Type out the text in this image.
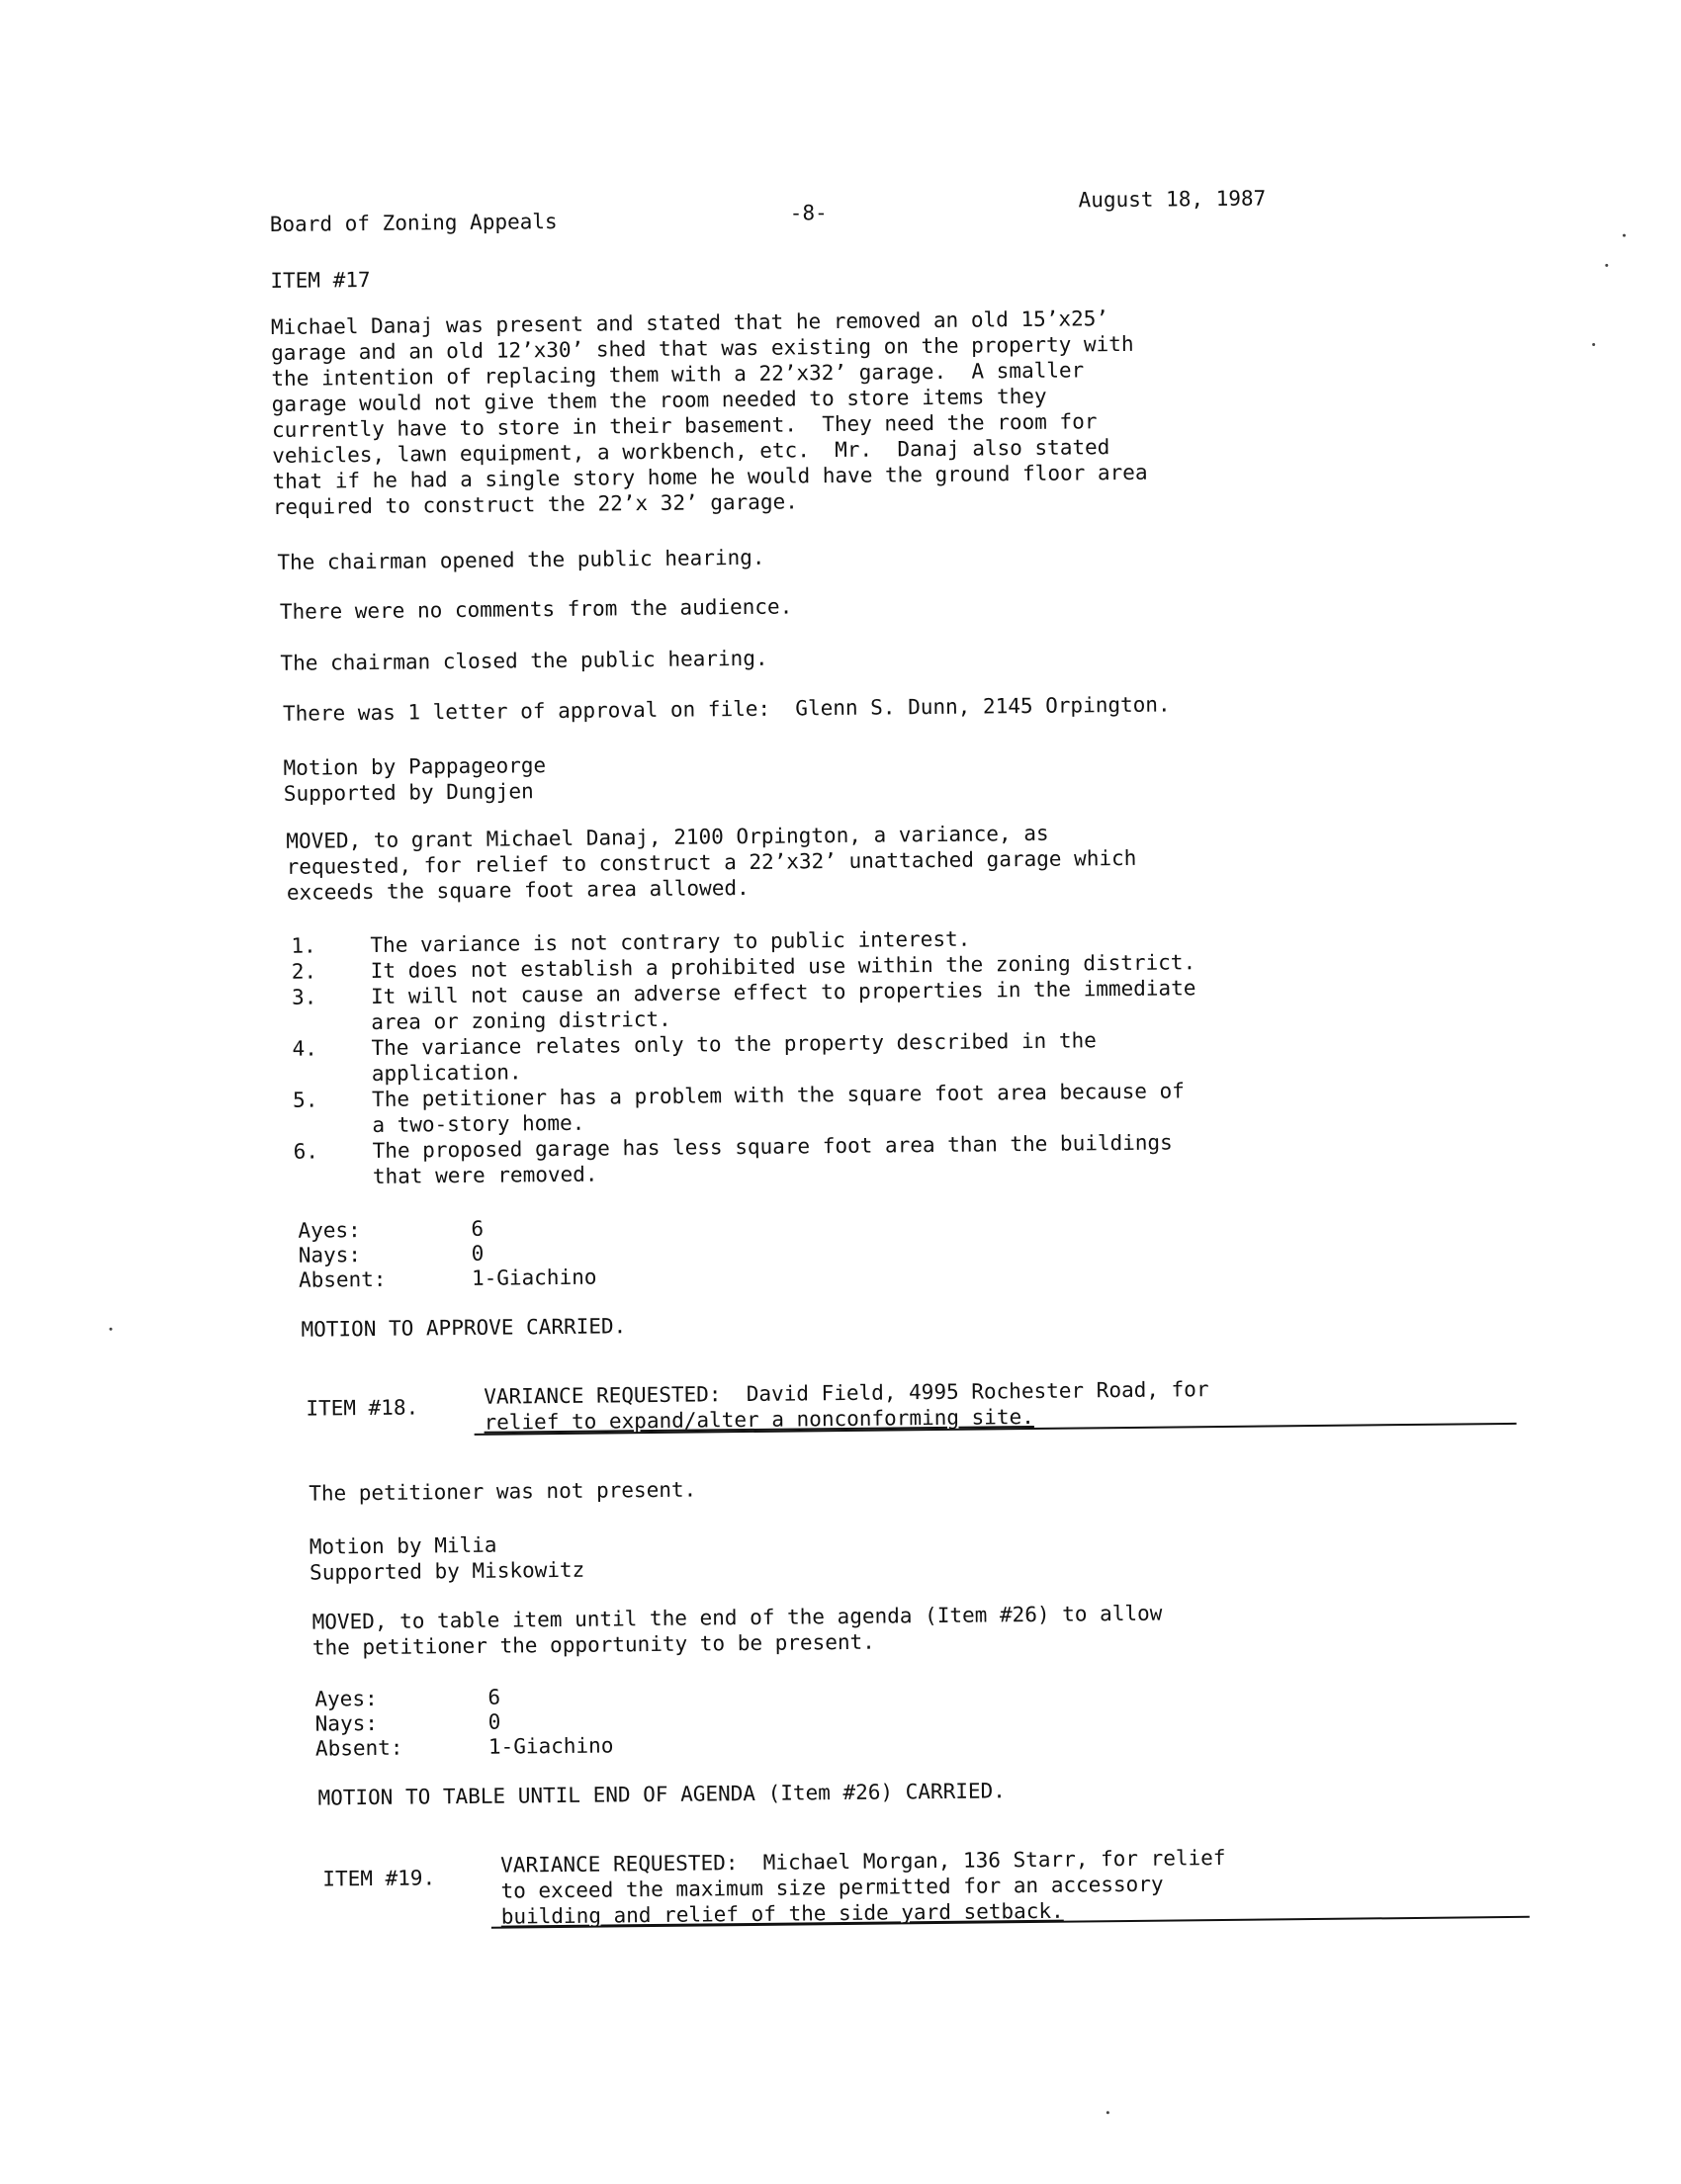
Board of Zoning Appeals	-8-
August 18, 1987
ITEM #17
Michael Danaj was present and stated that he removed an old 15’x25’
garage and an old 12’x30’ shed that was existing on the property with
the intention of replacing them with a 22’x32’ garage.  A smaller
garage would not give them the room needed to store items they
currently have to store in their basement.  They need the room for
vehicles, lawn equipment, a workbench, etc.  Mr.  Danaj also stated
that if he had a single story home he would have the ground floor area
required to construct the 22’x 32’ garage.
The chairman opened the public hearing.
There were no comments from the audience.
The chairman closed the public hearing.
There was 1 letter of approval on file:  Glenn S. Dunn, 2145 Orpington.
Motion by Pappageorge
Supported by Dungjen
MOVED, to grant Michael Danaj, 2100 Orpington, a variance, as
requested, for relief to construct a 22’x32’ unattached garage which
exceeds the square foot area allowed.
1.	The variance is not contrary to public interest.
2.	It does not establish a prohibited use within the zoning district.
3.	It will not cause an adverse effect to properties in the immediate
area or zoning district.
4.	The variance relates only to the property described in the
application.
5.	The petitioner has a problem with the square foot area because of
a two-story home.
6.	The proposed garage has less square foot area than the buildings
that were removed.
Ayes:	6
Nays:	0
Absent:	1-Giachino
MOTION TO APPROVE CARRIED.
ITEM #18.	VARIANCE REQUESTED:  David Field, 4995 Rochester Road, for
relief to expand/alter a nonconforming site.
The petitioner was not present.
Motion by Milia
Supported by Miskowitz
MOVED, to table item until the end of the agenda (Item #26) to allow
the petitioner the opportunity to be present.
Ayes:	6
Nays:	0
Absent:	1-Giachino
MOTION TO TABLE UNTIL END OF AGENDA (Item #26) CARRIED.
ITEM #19.
VARIANCE REQUESTED:  Michael Morgan, 136 Starr, for relief
to exceed the maximum size permitted for an accessory
building and relief of the side yard setback.
